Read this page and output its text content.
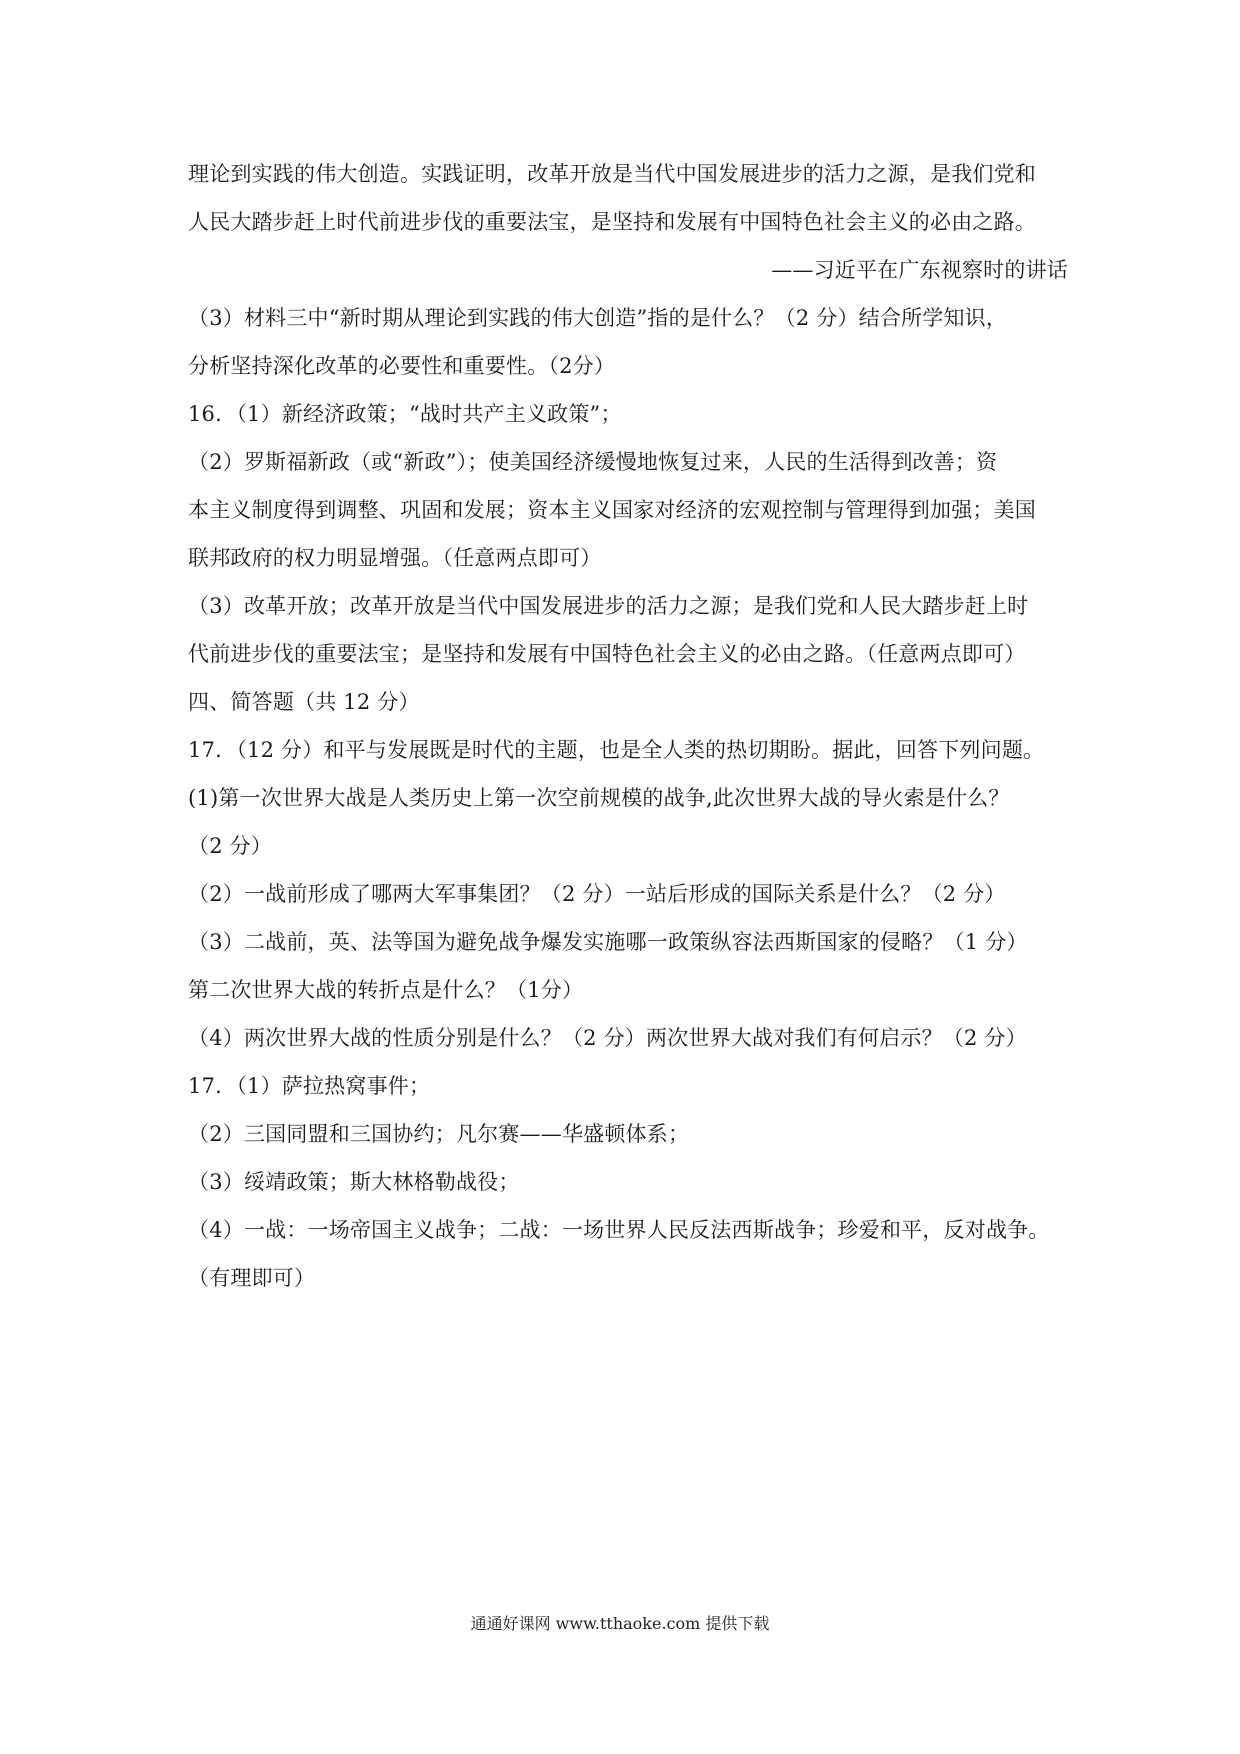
理论到实践的伟大创造。实践证明，改革开放是当代中国发展进步的活力之源，是我们党和
人民大踏步赶上时代前进步伐的重要法宝，是坚持和发展有中国特色社会主义的必由之路。
——习近平在广东视察时的讲话
（3）材料三中“新时期从理论到实践的伟大创造”指的是什么？（2 分）结合所学知识，
分析坚持深化改革的必要性和重要性。（2分）
16．（1）新经济政策；“战时共产主义政策”；
（2）罗斯福新政（或“新政”）；使美国经济缓慢地恢复过来，人民的生活得到改善；资
本主义制度得到调整、巩固和发展；资本主义国家对经济的宏观控制与管理得到加强；美国
联邦政府的权力明显增强。（任意两点即可）
（3）改革开放；改革开放是当代中国发展进步的活力之源；是我们党和人民大踏步赶上时
代前进步伐的重要法宝；是坚持和发展有中国特色社会主义的必由之路。（任意两点即可）
四、简答题（共 12 分）
17．（12 分）和平与发展既是时代的主题，也是全人类的热切期盼。据此，回答下列问题。
(1)第一次世界大战是人类历史上第一次空前规模的战争,此次世界大战的导火索是什么？
（2 分）
（2）一战前形成了哪两大军事集团？（2 分）一站后形成的国际关系是什么？（2 分）
（3）二战前，英、法等国为避免战争爆发实施哪一政策纵容法西斯国家的侵略？（1 分）
第二次世界大战的转折点是什么？（1分）
（4）两次世界大战的性质分别是什么？（2 分）两次世界大战对我们有何启示？（2 分）
17．（1）萨拉热窝事件；
（2）三国同盟和三国协约；凡尔赛——华盛顿体系；
（3）绥靖政策；斯大林格勒战役；
（4）一战：一场帝国主义战争；二战：一场世界人民反法西斯战争；珍爱和平，反对战争。
（有理即可）
通通好课网 www.tthaoke.com 提供下载
